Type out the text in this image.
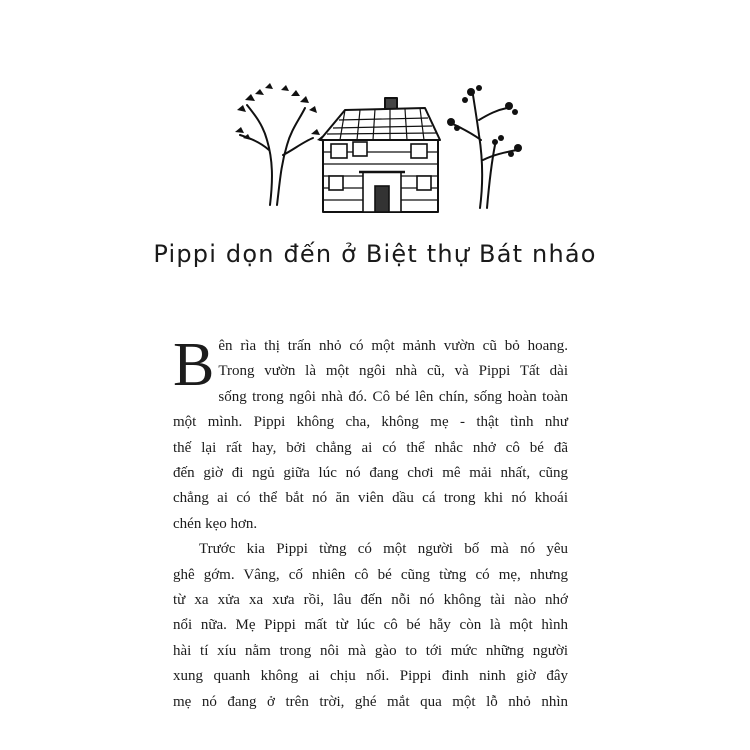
Pippi dọn đến ở Biệt thự Bát nháo

B ên rìa thị trấn nhỏ có một mảnh vườn cũ bỏ hoang.
Trong vườn là một ngôi nhà cũ, và Pippi Tất dài
sống trong ngôi nhà đó. Cô bé lên chín, sống hoàn toàn
một mình. Pippi không cha, không mẹ - thật tình như
thế lại rất hay, bởi chẳng ai có thể nhắc nhở cô bé đã
đến giờ đi ngủ giữa lúc nó đang chơi mê mải nhất, cũng
chẳng ai có thể bắt nó ăn viên dầu cá trong khi nó khoái
chén kẹo hơn.

Trước kia Pippi từng có một người bố mà nó yêu
ghê gớm. Vâng, cố nhiên cô bé cũng từng có mẹ, nhưng
từ xa xửa xa xưa rồi, lâu đến nỗi nó không tài nào nhớ
nổi nữa. Mẹ Pippi mất từ lúc cô bé hẵy còn là một hình
hài tí xíu nằm trong nôi mà gào to tới mức những người
xung quanh không ai chịu nổi. Pippi đinh ninh giờ đây
mẹ nó đang ở trên trời, ghé mắt qua một lỗ nhỏ nhìn
